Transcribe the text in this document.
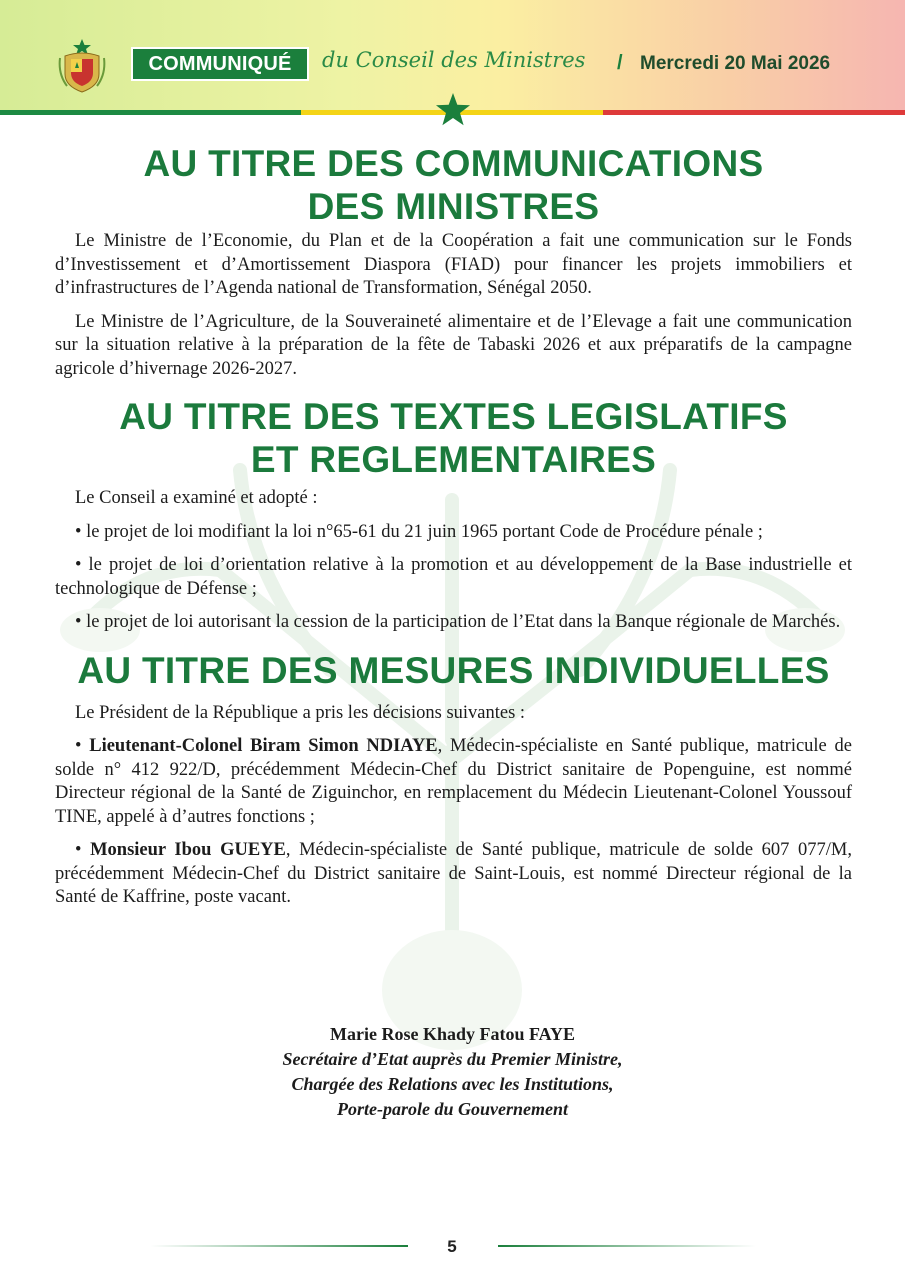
COMMUNIQUÉ	du Conseil des Ministres / Mercredi 20 Mai 2026
AU TITRE DES COMMUNICATIONS
DES MINISTRES

Le Ministre de l’Economie, du Plan et de la Coopération a fait une communication sur le Fonds d’Investissement et d’Amortissement Diaspora (FIAD) pour financer les projets immobiliers et d’infrastructures de l’Agenda national de Transformation, Sénégal 2050.

Le Ministre de l’Agriculture, de la Souveraineté alimentaire et de l’Elevage a fait une communication sur la situation relative à la préparation de la fête de Tabaski 2026 et aux préparatifs de la campagne agricole d’hivernage 2026-2027.

AU TITRE DES TEXTES LEGISLATIFS
ET REGLEMENTAIRES

Le Conseil a examiné et adopté :

• le projet de loi modifiant la loi n°65-61 du 21 juin 1965 portant Code de Procédure pénale ;

• le projet de loi d’orientation relative à la promotion et au développement de la Base industrielle et technologique de Défense ;

• le projet de loi autorisant la cession de la participation de l’Etat dans la Banque régionale de Marchés.

AU TITRE DES MESURES INDIVIDUELLES

Le Président de la République a pris les décisions suivantes :

• Lieutenant-Colonel Biram Simon NDIAYE, Médecin-spécialiste en Santé publique, matricule de solde n° 412 922/D, précédemment Médecin-Chef du District sanitaire de Popenguine, est nommé Directeur régional de la Santé de Ziguinchor, en remplacement du Médecin Lieutenant-Colonel Youssouf TINE, appelé à d’autres fonctions ;

• Monsieur Ibou GUEYE, Médecin-spécialiste de Santé publique, matricule de solde 607 077/M, précédemment Médecin-Chef du District sanitaire de Saint-Louis, est nommé Directeur régional de la Santé de Kaffrine, poste vacant.

Marie Rose Khady Fatou FAYE
Secrétaire d’Etat auprès du Premier Ministre,
Chargée des Relations avec les Institutions,
Porte-parole du Gouvernement
5
